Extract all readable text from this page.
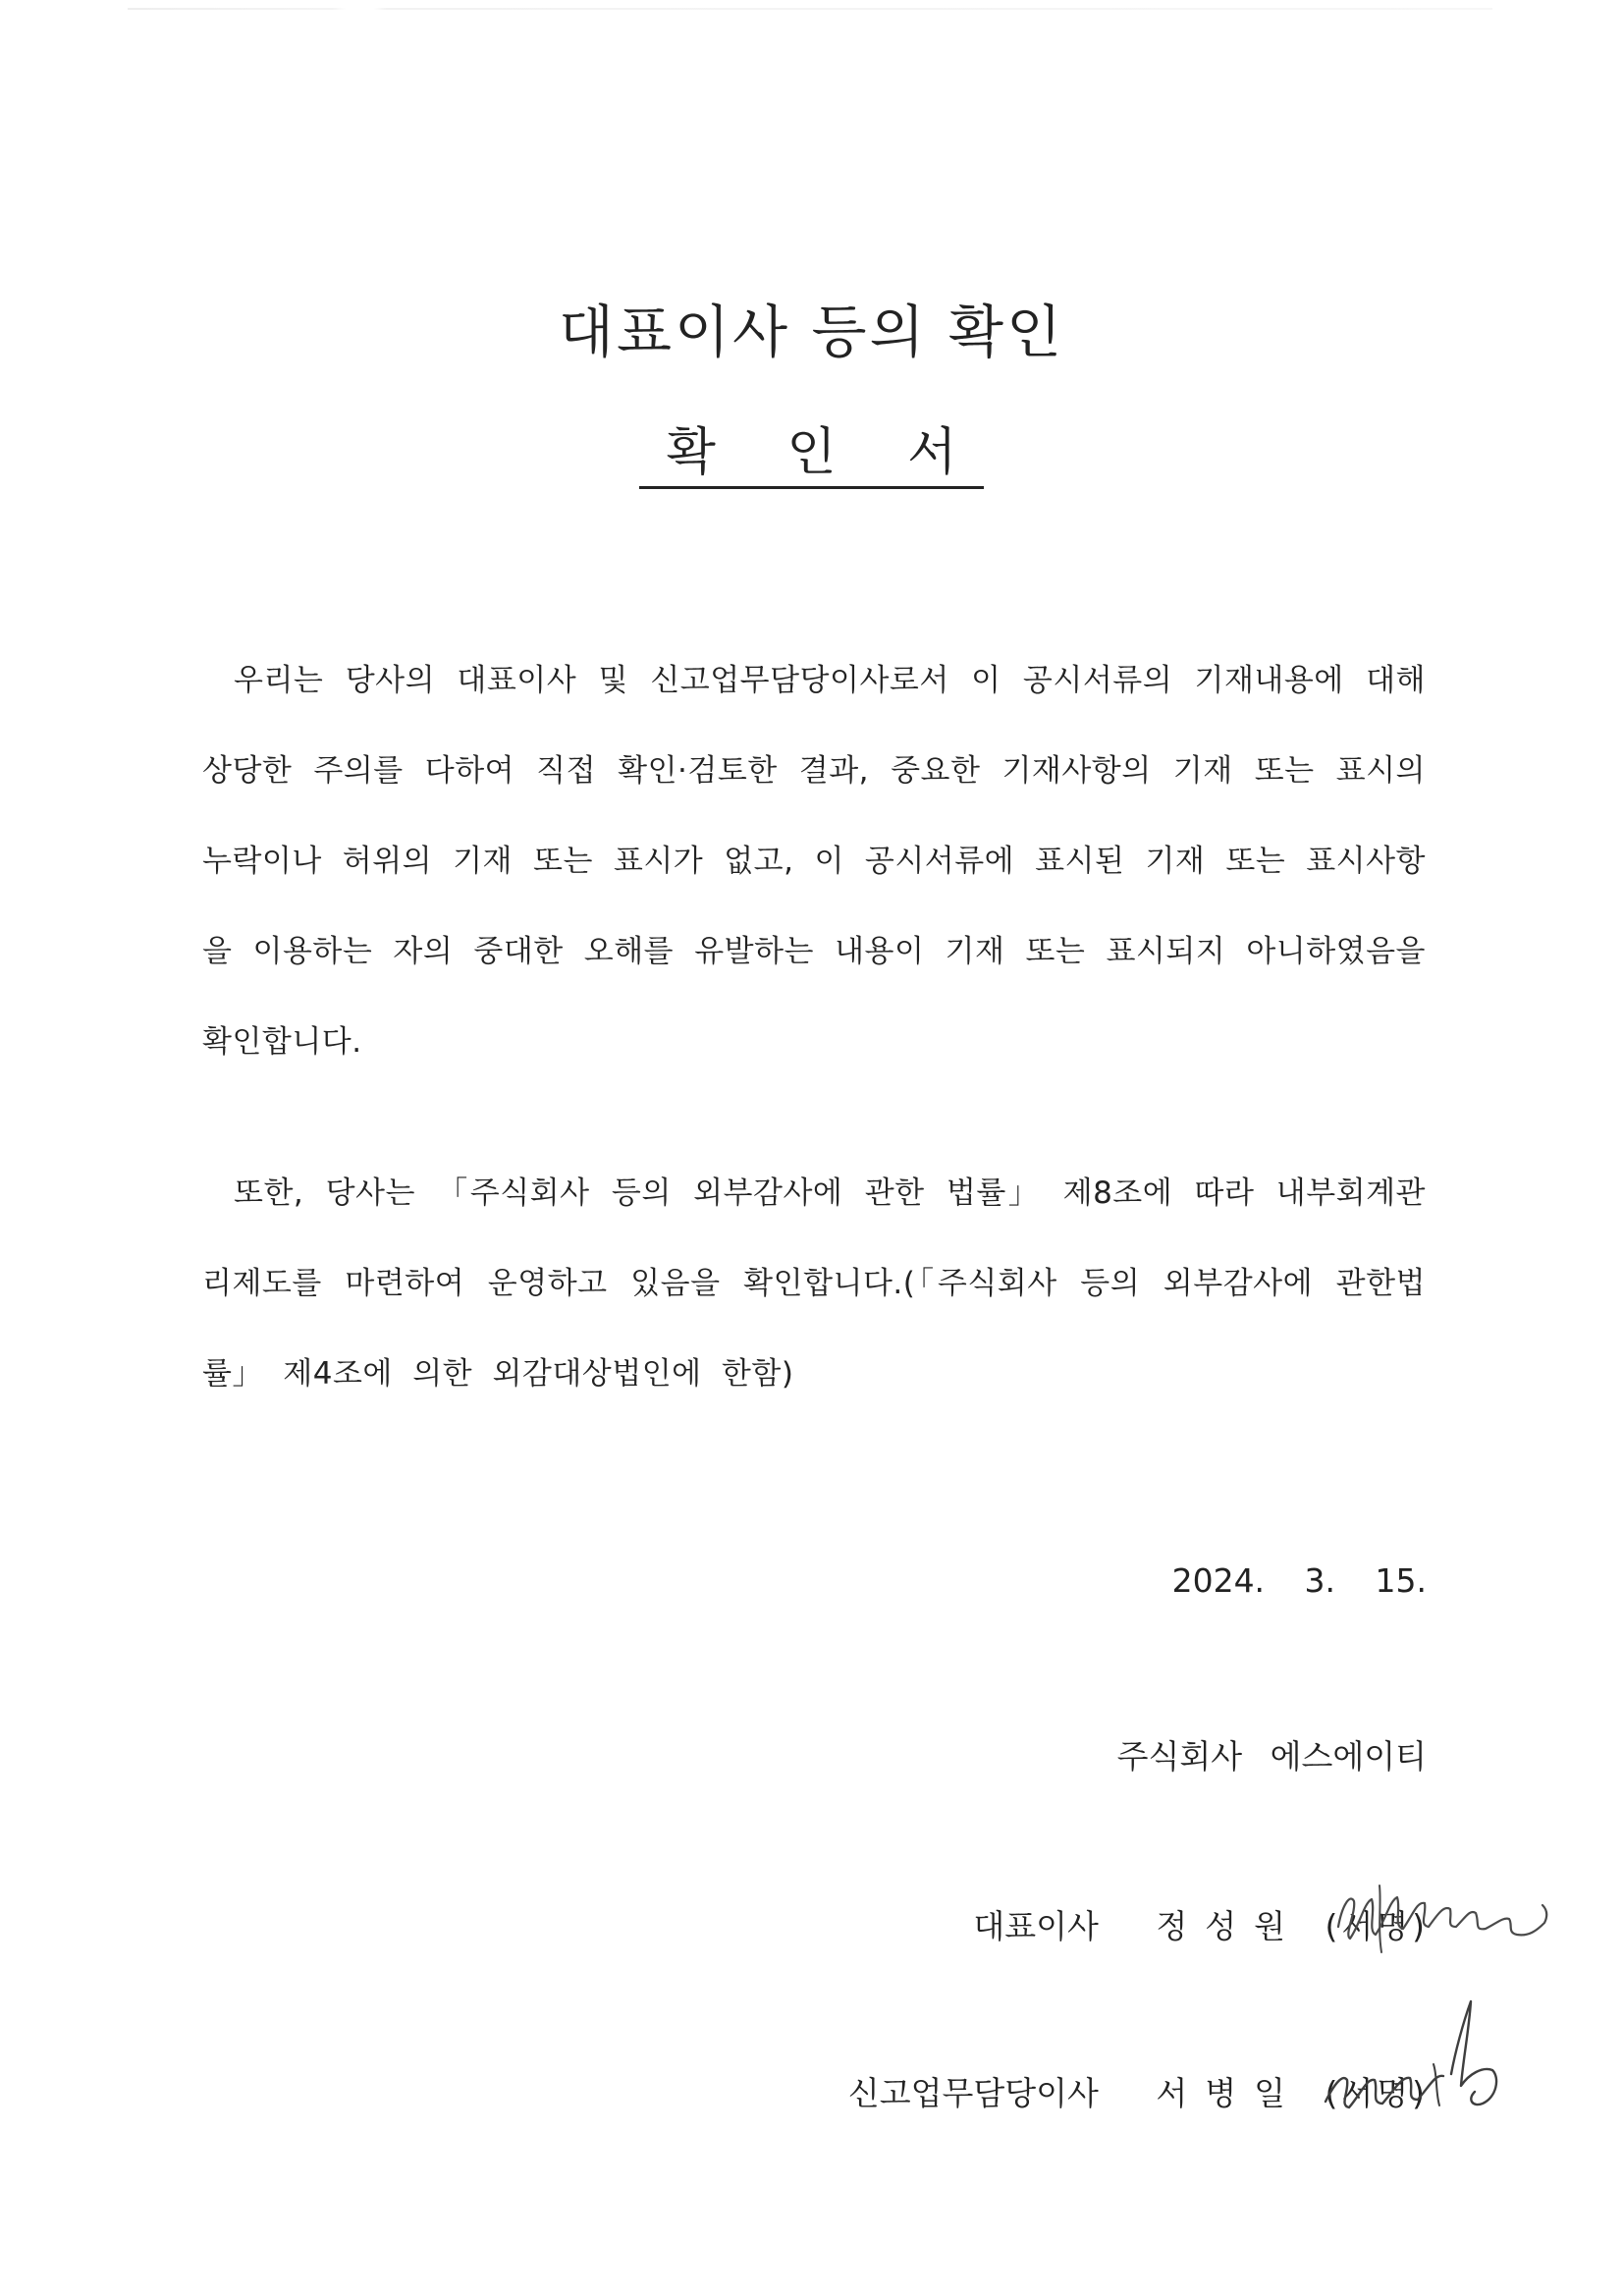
대표이사 등의 확인
확 인 서

우리는 당사의 대표이사 및 신고업무담당이사로서 이 공시서류의 기재내용에 대해 상당한 주의를 다하여 직접 확인·검토한 결과, 중요한 기재사항의 기재 또는 표시의 누락이나 허위의 기재 또는 표시가 없고, 이 공시서류에 표시된 기재 또는 표시사항을 이용하는 자의 중대한 오해를 유발하는 내용이 기재 또는 표시되지 아니하였음을 확인합니다.

또한, 당사는 「주식회사 등의 외부감사에 관한 법률」 제8조에 따라 내부회계관리제도를 마련하여 운영하고 있음을 확인합니다.(「주식회사 등의 외부감사에 관한법률」 제4조에 의한 외감대상법인에 한함)

2024. 3. 15.
주식회사 에스에이티
대표이사 정성원 (서명)
신고업무담당이사 서병일 (서명)
